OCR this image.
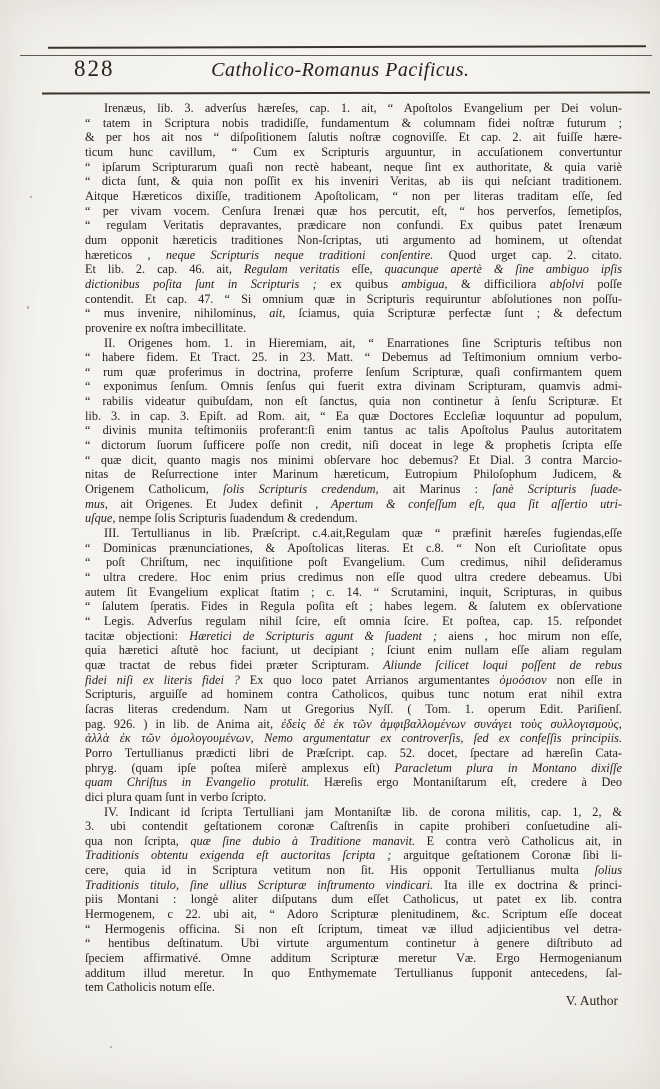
828	Catholico-Romanus Pacificus.
Irenæus, lib. 3. adverſus hæreſes, cap. 1. ait, “ Apoſtolos Evangelium per Dei volun-
“ tatem in Scriptura nobis tradidiſſe, fundamentum & columnam fidei noſtræ futurum ;
& per hos ait nos “ diſpoſitionem ſalutis noſtræ cognoviſſe. Et cap. 2. ait fuiſſe hære-
ticum hunc cavillum, “ Cum ex Scripturis arguuntur, in accuſationem convertuntur
“ ipſarum Scripturarum quaſi non rectè habeant, neque ſint ex authoritate, & quia variè
“ dicta ſunt, & quia non poſſit ex his inveniri Veritas, ab iis qui neſciant traditionem.
Aitque Hæreticos dixiſſe, traditionem Apoſtolicam, “ non per literas traditam eſſe, ſed
“ per vivam vocem. Cenſura Irenæi quæ hos percutit, eſt, “ hos perverſos, ſemetipſos,
“ regulam Veritatis depravantes, prædicare non confundi. Ex quibus patet Irenæum
dum opponit hæreticis traditiones Non-ſcriptas, uti argumento ad hominem, ut oſtendat
hæreticos , neque Scripturis neque traditioni conſentire. Quod urget cap. 2. citato.
Et lib. 2. cap. 46. ait, Regulam veritatis eſſe, quacunque apertè & ſine ambiguo ipſis
dictionibus poſita ſunt in Scripturis ; ex quibus ambigua, & difficiliora abſolvi poſſe
contendit. Et cap. 47. “ Si omnium quæ in Scripturis requiruntur abſolutiones non poſſu-
“ mus invenire, nihilominus, ait, ſciamus, quia Scripturæ perfectæ ſunt ; & defectum
provenire ex noſtra imbecillitate.
II. Origenes hom. 1. in Hieremiam, ait, “ Enarrationes ſine Scripturis teſtibus non
“ habere fidem. Et Tract. 25. in 23. Matt. “ Debemus ad Teſtimonium omnium verbo-
“ rum quæ proferimus in doctrina, proferre ſenſum Scripturæ, quaſi confirmantem quem
“ exponimus ſenſum. Omnis ſenſus qui fuerit extra divinam Scripturam, quamvis admi-
“ rabilis videatur quibuſdam, non eſt ſanctus, quia non continetur à ſenſu Scripturæ. Et
lib. 3. in cap. 3. Epiſt. ad Rom. ait, “ Ea quæ Doctores Eccleſiæ loquuntur ad populum,
“ divinis munita teſtimoniis proferant:ſi enim tantus ac talis Apoſtolus Paulus autoritatem
“ dictorum ſuorum ſufficere poſſe non credit, niſi doceat in lege & prophetis ſcripta eſſe
“ quæ dicit, quanto magis nos minimi obſervare hoc debemus? Et Dial. 3 contra Marcio-
nitas de Reſurrectione inter Marinum hæreticum, Eutropium Philoſophum Judicem, &
Origenem Catholicum, ſolis Scripturis credendum, ait Marinus : ſanè Scripturis ſuade-
mus, ait Origenes. Et Judex definit , Apertum & confeſſum eſt, qua ſit aſſertio utri-
uſque, nempe ſolis Scripturis ſuadendum & credendum.
III. Tertullianus in lib. Præſcript. c.4.ait,Regulam quæ “ præfinit hæreſes fugiendas,eſſe
“ Dominicas prænunciationes, & Apoſtolicas literas. Et c.8. “ Non eſt Curioſitate opus
“ poſt Chriſtum, nec inquiſitione poſt Evangelium. Cum credimus, nihil deſideramus
“ ultra credere. Hoc enim prius credimus non eſſe quod ultra credere debeamus. Ubi
autem ſit Evangelium explicat ſtatim ; c. 14. “ Scrutamini, inquit, Scripturas, in quibus
“ ſalutem ſperatis. Fides in Regula poſita eſt ; habes legem. & ſalutem ex obſervatione
“ Legis. Adverſus regulam nihil ſcire, eſt omnia ſcire. Et poſtea, cap. 15. reſpondet
tacitæ objectioni: Hæretici de Scripturis agunt & ſuadent ; aiens , hoc mirum non eſſe,
quia hæretici aſtutè hoc faciunt, ut decipiant ; ſciunt enim nullam eſſe aliam regulam
quæ tractat de rebus fidei præter Scripturam. Aliunde ſcilicet loqui poſſent de rebus
fidei niſi ex literis fidei ? Ex quo loco patet Arrianos argumentantes ὁμοόσιον non eſſe in
Scripturis, arguiſſe ad hominem contra Catholicos, quibus tunc notum erat nihil extra
ſacras literas credendum. Nam ut Gregorius Nyſſ. ( Tom. 1. operum Edit. Pariſienſ.
pag. 926. ) in lib. de Anima ait, ἐδεὶς δὲ ἐκ τῶν ἀμφιβαλλομένων συνάγει τοὺς συλλογισμοὺς,
ἀλλὰ ἐκ τῶν ὁμολογουμένων, Nemo argumentatur ex controverſis, ſed ex confeſſis principiis.
Porro Tertullianus prædicti libri de Præſcript. cap. 52. docet, ſpectare ad hæreſin Cata-
phryg. (quam ipſe poſtea miſerè amplexus eſt) Paracletum plura in Montano dixiſſe
quam Chriſtus in Evangelio protulit. Hæreſis ergo Montaniſtarum eſt, credere à Deo
dici plura quam ſunt in verbo ſcripto.
IV. Indicant id ſcripta Tertulliani jam Montaniſtæ lib. de corona militis, cap. 1, 2, &
3. ubi contendit geſtationem coronæ Caſtrenſis in capite prohiberi conſuetudine ali-
qua non ſcripta, quæ ſine dubio à Traditione manavit. E contra verò Catholicus ait, in
Traditionis obtentu exigenda eſt auctoritas ſcripta ; arguitque geſtationem Coronæ ſibi li-
cere, quia id in Scriptura vetitum non ſit. His opponit Tertullianus multa ſolius
Traditionis titulo, ſine ullius Scripturæ inſtrumento vindicari. Ita ille ex doctrina & princi-
piis Montani : longè aliter diſputans dum eſſet Catholicus, ut patet ex lib. contra
Hermogenem, c 22. ubi ait, “ Adoro Scripturæ plenitudinem, &c. Scriptum eſſe doceat
“ Hermogenis officina. Si non eſt ſcriptum, timeat væ illud adjicientibus vel detra-
“ hentibus deſtinatum. Ubi virtute argumentum continetur à genere diſtributo ad
ſpeciem affirmativé. Omne additum Scripturæ meretur Væ. Ergo Hermogenianum
additum illud meretur. In quo Enthymemate Tertullianus ſupponit antecedens, ſal-
tem Catholicis notum eſſe.
V. Author
